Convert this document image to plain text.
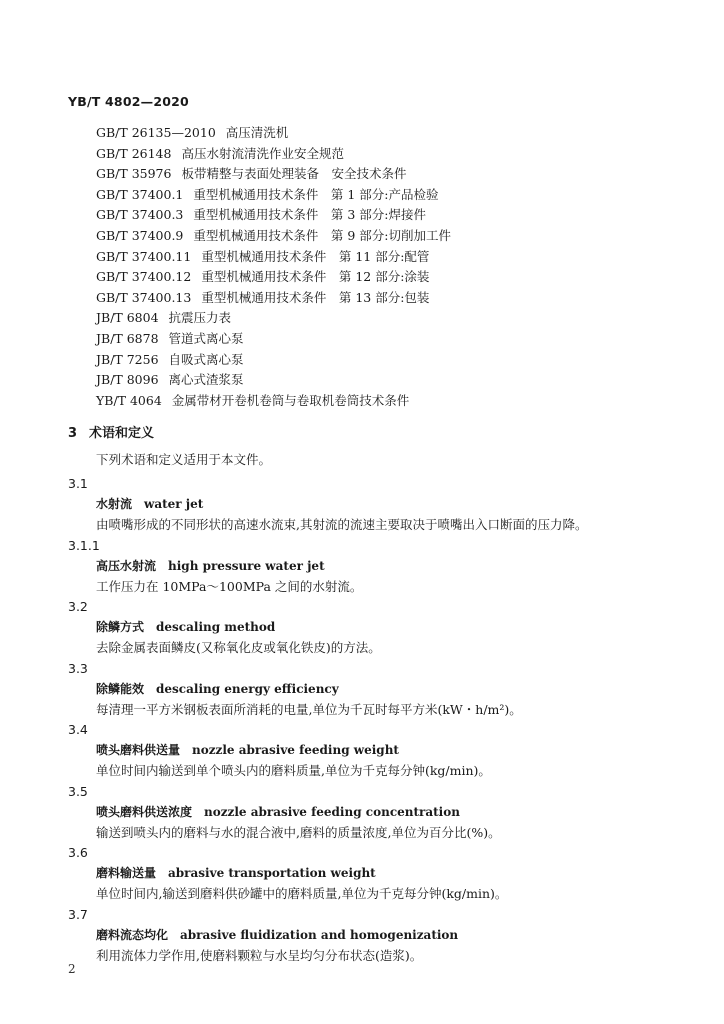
YB/T 4802—2020
GB/T 26135—2010 高压清洗机
GB/T 26148 高压水射流清洗作业安全规范
GB/T 35976 板带精整与表面处理装备　安全技术条件
GB/T 37400.1 重型机械通用技术条件　第 1 部分:产品检验
GB/T 37400.3 重型机械通用技术条件　第 3 部分:焊接件
GB/T 37400.9 重型机械通用技术条件　第 9 部分:切削加工件
GB/T 37400.11 重型机械通用技术条件　第 11 部分:配管
GB/T 37400.12 重型机械通用技术条件　第 12 部分:涂装
GB/T 37400.13 重型机械通用技术条件　第 13 部分:包装
JB/T 6804 抗震压力表
JB/T 6878 管道式离心泵
JB/T 7256 自吸式离心泵
JB/T 8096 离心式渣浆泵
YB/T 4064 金属带材开卷机卷筒与卷取机卷筒技术条件
3 术语和定义
下列术语和定义适用于本文件。
3.1
水射流 water jet
由喷嘴形成的不同形状的高速水流束,其射流的流速主要取决于喷嘴出入口断面的压力降。
3.1.1
高压水射流 high pressure water jet
工作压力在 10MPa～100MPa 之间的水射流。
3.2
除鳞方式 descaling method
去除金属表面鳞皮(又称氧化皮或氧化铁皮)的方法。
3.3
除鳞能效 descaling energy efficiency
每清理一平方米钢板表面所消耗的电量,单位为千瓦时每平方米(kW・h/m²)。
3.4
喷头磨料供送量 nozzle abrasive feeding weight
单位时间内输送到单个喷头内的磨料质量,单位为千克每分钟(kg/min)。
3.5
喷头磨料供送浓度 nozzle abrasive feeding concentration
输送到喷头内的磨料与水的混合液中,磨料的质量浓度,单位为百分比(%)。
3.6
磨料输送量 abrasive transportation weight
单位时间内,输送到磨料供砂罐中的磨料质量,单位为千克每分钟(kg/min)。
3.7
磨料流态均化 abrasive fluidization and homogenization
利用流体力学作用,使磨料颗粒与水呈均匀分布状态(造浆)。
2
